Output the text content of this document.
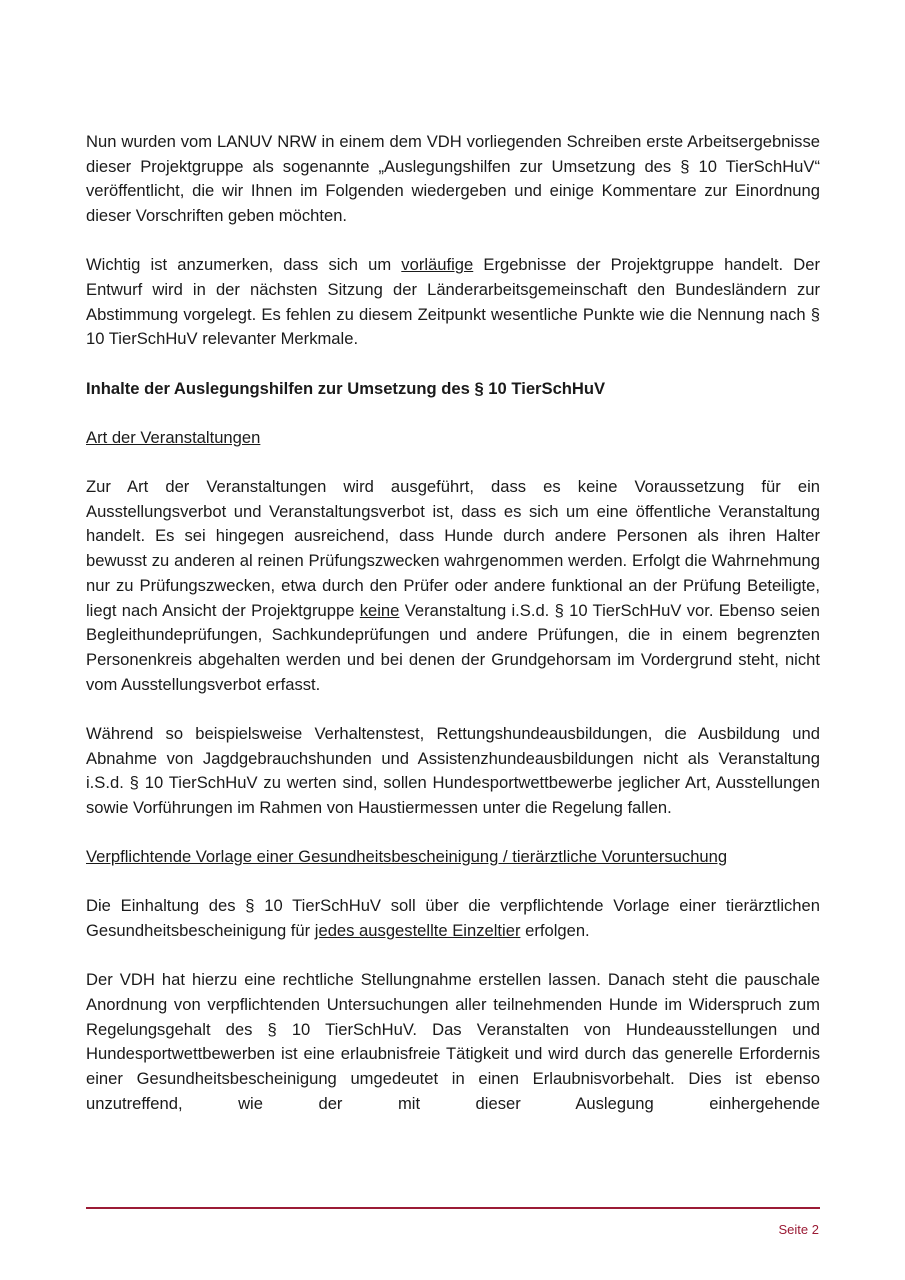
Nun wurden vom LANUV NRW in einem dem VDH vorliegenden Schreiben erste Arbeitsergebnisse dieser Projektgruppe als sogenannte „Auslegungshilfen zur Umsetzung des § 10 TierSchHuV“ veröffentlicht, die wir Ihnen im Folgenden wiedergeben und einige Kommentare zur Einordnung dieser Vorschriften geben möchten.

Wichtig ist anzumerken, dass sich um vorläufige Ergebnisse der Projektgruppe handelt. Der Entwurf wird in der nächsten Sitzung der Länderarbeitsgemeinschaft den Bundesländern zur Abstimmung vorgelegt. Es fehlen zu diesem Zeitpunkt wesentliche Punkte wie die Nennung nach § 10 TierSchHuV relevanter Merkmale.

Inhalte der Auslegungshilfen zur Umsetzung des § 10 TierSchHuV

Art der Veranstaltungen

Zur Art der Veranstaltungen wird ausgeführt, dass es keine Voraussetzung für ein Ausstellungsverbot und Veranstaltungsverbot ist, dass es sich um eine öffentliche Veranstaltung handelt. Es sei hingegen ausreichend, dass Hunde durch andere Personen als ihren Halter bewusst zu anderen al reinen Prüfungszwecken wahrgenommen werden. Erfolgt die Wahrnehmung nur zu Prüfungszwecken, etwa durch den Prüfer oder andere funktional an der Prüfung Beteiligte, liegt nach Ansicht der Projektgruppe keine Veranstaltung i.S.d. § 10 TierSchHuV vor. Ebenso seien Begleithundeprüfungen, Sachkundeprüfungen und andere Prüfungen, die in einem begrenzten Personenkreis abgehalten werden und bei denen der Grundgehorsam im Vordergrund steht, nicht vom Ausstellungsverbot erfasst.

Während so beispielsweise Verhaltenstest, Rettungshundeausbildungen, die Ausbildung und Abnahme von Jagdgebrauchshunden und Assistenzhundeausbildungen nicht als Veranstaltung i.S.d. § 10 TierSchHuV zu werten sind, sollen Hundesportwettbewerbe jeglicher Art, Ausstellungen sowie Vorführungen im Rahmen von Haustiermessen unter die Regelung fallen.

Verpflichtende Vorlage einer Gesundheitsbescheinigung / tierärztliche Voruntersuchung

Die Einhaltung des § 10 TierSchHuV soll über die verpflichtende Vorlage einer tierärztlichen Gesundheitsbescheinigung für jedes ausgestellte Einzeltier erfolgen.

Der VDH hat hierzu eine rechtliche Stellungnahme erstellen lassen. Danach steht die pauschale Anordnung von verpflichtenden Untersuchungen aller teilnehmenden Hunde im Widerspruch zum Regelungsgehalt des § 10 TierSchHuV. Das Veranstalten von Hundeausstellungen und Hundesportwettbewerben ist eine erlaubnisfreie Tätigkeit und wird durch das generelle Erfordernis einer Gesundheitsbescheinigung umgedeutet in einen Erlaubnisvorbehalt. Dies ist ebenso unzutreffend, wie der mit dieser Auslegung einhergehende

Seite 2
